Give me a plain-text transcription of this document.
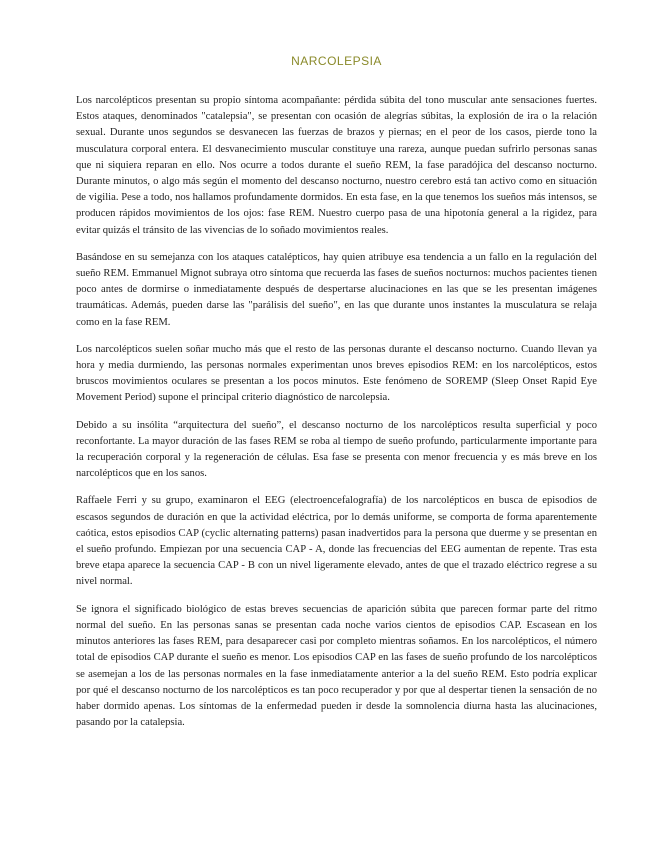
NARCOLEPSIA

Los narcolépticos presentan su propio síntoma acompañante: pérdida súbita del tono muscular ante sensaciones fuertes. Estos ataques, denominados "catalepsia", se presentan con ocasión de alegrías súbitas, la explosión de ira o la relación sexual. Durante unos segundos se desvanecen las fuerzas de brazos y piernas; en el peor de los casos, pierde tono la musculatura corporal entera. El desvanecimiento muscular constituye una rareza, aunque puedan sufrirlo personas sanas que ni siquiera reparan en ello. Nos ocurre a todos durante el sueño REM, la fase paradójica del descanso nocturno. Durante minutos, o algo más según el momento del descanso nocturno, nuestro cerebro está tan activo como en situación de vigilia. Pese a todo, nos hallamos profundamente dormidos. En esta fase, en la que tenemos los sueños más intensos, se producen rápidos movimientos de los ojos: fase REM. Nuestro cuerpo pasa de una hipotonía general a la rigidez, para evitar quizás el tránsito de las vivencias de lo soñado movimientos reales.

Basándose en su semejanza con los ataques catalépticos, hay quien atribuye esa tendencia a un fallo en la regulación del sueño REM. Emmanuel Mignot subraya otro síntoma que recuerda las fases de sueños nocturnos: muchos pacientes tienen poco antes de dormirse o inmediatamente después de despertarse alucinaciones en las que se les presentan imágenes traumáticas. Además, pueden darse las "parálisis del sueño", en las que durante unos instantes la musculatura se relaja como en la fase REM.

Los narcolépticos suelen soñar mucho más que el resto de las personas durante el descanso nocturno. Cuando llevan ya hora y media durmiendo, las personas normales experimentan unos breves episodios REM: en los narcolépticos, estos bruscos movimientos oculares se presentan a los pocos minutos. Este fenómeno de SOREMP (Sleep Onset Rapid Eye Movement Period) supone el principal criterio diagnóstico de narcolepsia.

Debido a su insólita “arquitectura del sueño”, el descanso nocturno de los narcolépticos resulta superficial y poco reconfortante. La mayor duración de las fases REM se roba al tiempo de sueño profundo, particularmente importante para la recuperación corporal y la regeneración de células. Esa fase se presenta con menor frecuencia y es más breve en los narcolépticos que en los sanos.

Raffaele Ferri y su grupo, examinaron el EEG (electroencefalografía) de los narcolépticos en busca de episodios de escasos segundos de duración en que la actividad eléctrica, por lo demás uniforme, se comporta de forma aparentemente caótica, estos episodios CAP (cyclic alternating patterns) pasan inadvertidos para la persona que duerme y se presentan en el sueño profundo. Empiezan por una secuencia CAP - A, donde las frecuencias del EEG aumentan de repente. Tras esta breve etapa aparece la secuencia CAP - B con un nivel ligeramente elevado, antes de que el trazado eléctrico regrese a su nivel normal.

Se ignora el significado biológico de estas breves secuencias de aparición súbita que parecen formar parte del ritmo normal del sueño. En las personas sanas se presentan cada noche varios cientos de episodios CAP. Escasean en los minutos anteriores las fases REM, para desaparecer casi por completo mientras soñamos. En los narcolépticos, el número total de episodios CAP durante el sueño es menor. Los episodios CAP en las fases de sueño profundo de los narcolépticos se asemejan a los de las personas normales en la fase inmediatamente anterior a la del sueño REM. Esto podría explicar por qué el descanso nocturno de los narcolépticos es tan poco recuperador y por que al despertar tienen la sensación de no haber dormido apenas. Los síntomas de la enfermedad pueden ir desde la somnolencia diurna hasta las alucinaciones, pasando por la catalepsia.
